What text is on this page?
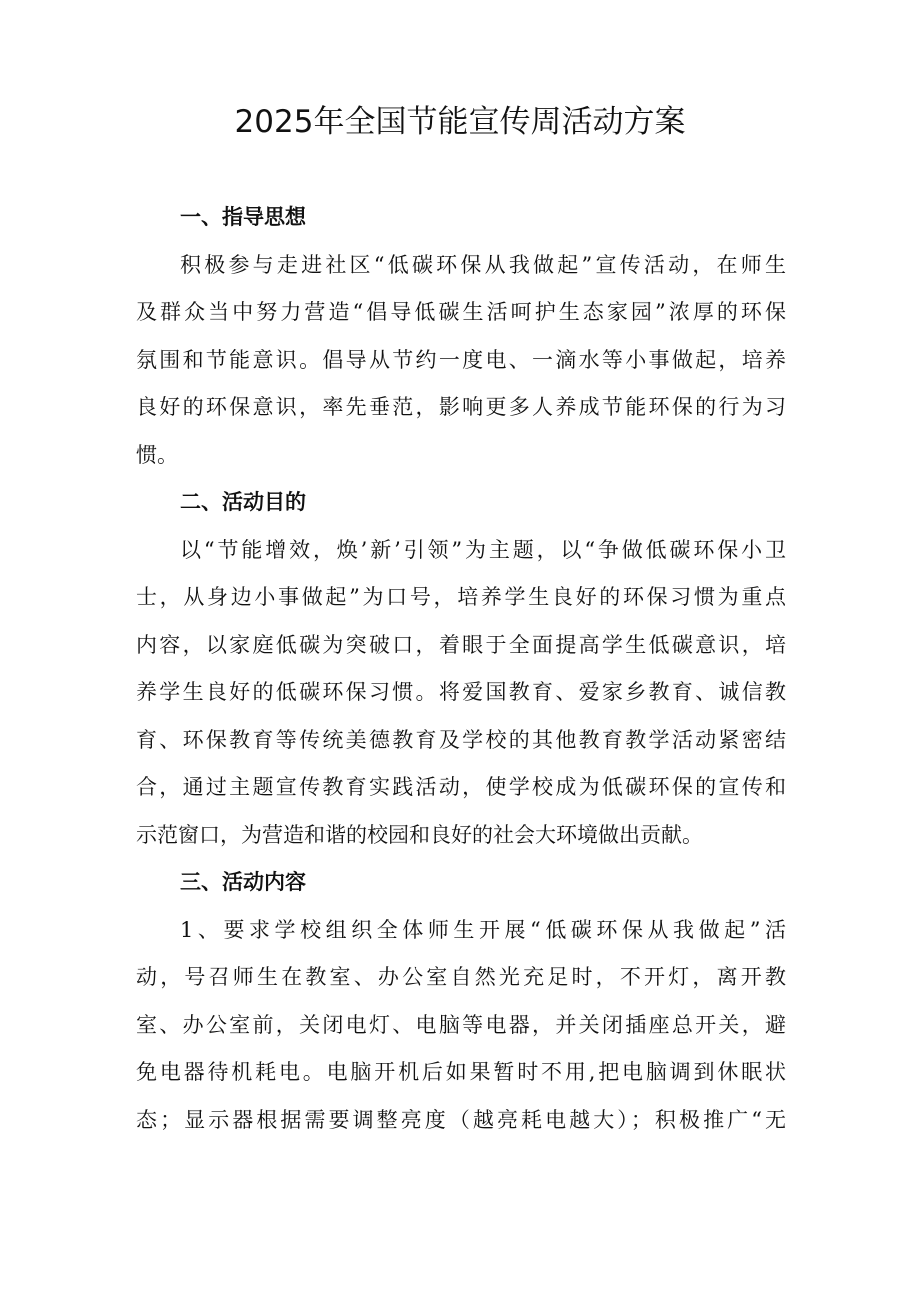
2025年全国节能宣传周活动方案
一、指导思想
积极参与走进社区“低碳环保从我做起”宣传活动，在师生
及群众当中努力营造“倡导低碳生活呵护生态家园”浓厚的环保
氛围和节能意识。倡导从节约一度电、一滴水等小事做起，培养
良好的环保意识，率先垂范，影响更多人养成节能环保的行为习
惯。
二、活动目的
以“节能增效，焕’新’引领”为主题，以“争做低碳环保小卫
士，从身边小事做起”为口号，培养学生良好的环保习惯为重点
内容，以家庭低碳为突破口，着眼于全面提高学生低碳意识，培
养学生良好的低碳环保习惯。将爱国教育、爱家乡教育、诚信教
育、环保教育等传统美德教育及学校的其他教育教学活动紧密结
合，通过主题宣传教育实践活动，使学校成为低碳环保的宣传和
示范窗口，为营造和谐的校园和良好的社会大环境做出贡献。
三、活动内容
1、要求学校组织全体师生开展“低碳环保从我做起”活
动，号召师生在教室、办公室自然光充足时，不开灯，离开教
室、办公室前，关闭电灯、电脑等电器，并关闭插座总开关，避
免电器待机耗电。电脑开机后如果暂时不用,把电脑调到休眠状
态；显示器根据需要调整亮度（越亮耗电越大）；积极推广“无
